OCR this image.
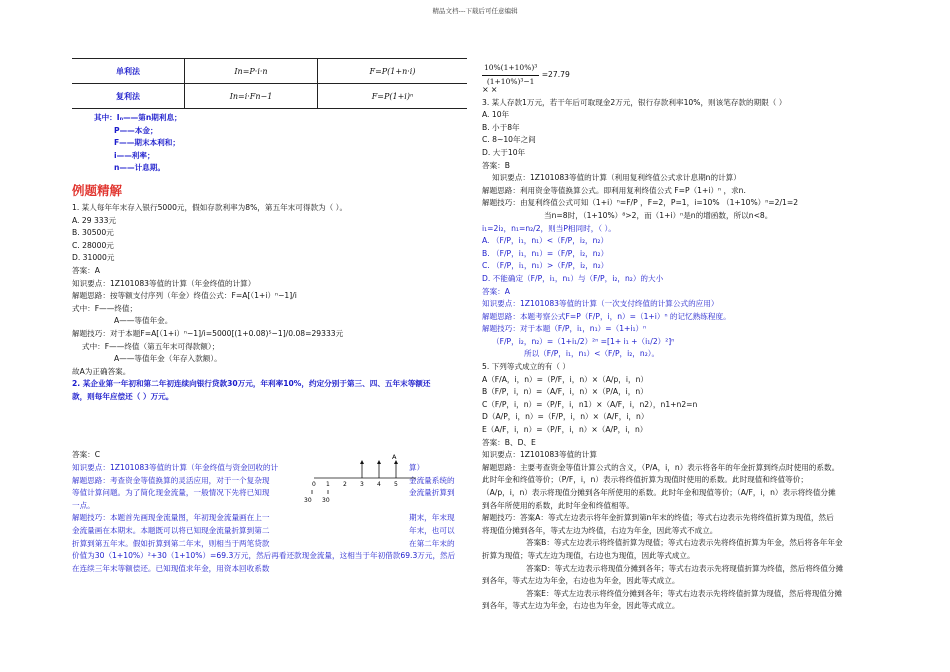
精品文档---下载后可任意编辑
单利法	In=P·i·n	F=P(1+n·i)
复利法	In=i·Fn−1	F=P(1+i)ⁿ
其中：Iₙ——第n期利息；
P——本金；
F——期末本利和；
i——利率；
n——计息期。
例题精解
1. 某人每年年末存入银行5000元，假如存款利率为8%，第五年末可得款为（ ）。
A. 29 333元
B. 30500元
C. 28000元
D. 31000元
答案：A
知识要点：1Z101083等值的计算（年金终值的计算）
解题思路：按等额支付序列（年金）终值公式：F=A[（1+i）ⁿ−1]/i
式中：F——终值；
A——等值年金。
解题技巧：对于本题F=A[（1+i）ⁿ−1]/i=5000[(1+0.08)⁵−1]/0.08=29333元
式中：F——终值（第五年末可得款额）；
A——等值年金（年存入款额）。
故A为正确答案。
2. 某企业第一年初和第二年初连续向银行贷款30万元，年利率10%，约定分别于第三、四、五年末等额还
款，则每年应偿还（ ）万元。
答案：C
知识要点：1Z101083等值的计算（年金终值与资金回收的计	算）
解题思路：考查资金等值换算的灵活应用，对于一个复杂现	金流量系统的
等值计算问题。为了简化现金流量，一般情况下先将已知现	金流量折算到
一点。
解题技巧：本题首先画现金流量图，年初现金流量画在上一	期末，年末现
金流量画在本期末。本题既可以将已知现金流量折算到第二	年末，也可以
折算到第五年末。假如折算到第二年末，则相当于两笔贷款	在第二年末的
价值为30（1+10%）²+30（1+10%）=69.3万元，然后再看还款现金流量，这相当于年初借款69.3万元，然后
在连续三年末等额偿还。已知现值求年金，用资本回收系数
A
0 1 2 3 4 5
30 30
$\frac{\text{10\%(1+10\%)³}}{\text{(1+10\%)³−1}} =27.79$
××
3. 某人存款1万元，若干年后可取现金2万元，银行存款利率10%，则该笔存款的期限（ ）
A. 10年
B. 小于8年
C. 8~10年之间
D. 大于10年
答案：B
知识要点：1Z101083等值的计算（利用复利终值公式求计息期n的计算）
解题思路：利用资金等值换算公式。即利用复利终值公式 F=P（1+i）ⁿ ，求n.
解题技巧：由复利终值公式可知（1+i）ⁿ=F/P ，F=2，P=1，i=10% （1+10%）ⁿ=2/1=2
当n=8时，（1+10%）⁸>2，而（1+i）ⁿ是n的增函数，所以n<8。
i₁=2i₂，n₁=n₂/2，则当P相同时，（ ）。
A. （F/P，i₁，n₁）<（F/P，i₂，n₂）
B. （F/P，i₁，n₁）=（F/P，i₂，n₂）
C. （F/P，i₁，n₁）>（F/P，i₂，n₂）
D. 不能确定（F/P，i₁，n₁）与（F/P，i₂，n₂）的大小
答案：A
知识要点：1Z101083等值的计算（一次支付终值的计算公式的应用）
解题思路：本题考察公式F=P（F/P，i，n）=（1+i）ⁿ 的记忆熟练程度。
解题技巧：对于本题（F/P，i₁，n₁）=（1+i₁）ⁿ
（F/P，i₂，n₂）=（1+i₁/2）²ⁿ =[1+ i₁ +（i₁/2）²]ⁿ
所以（F/P，i₁，n₁）<（F/P，i₂，n₂）。
5. 下列等式成立的有（ ）
A（F/A，i，n）=（P/F，i，n）×（A/p，i，n）
B（F/P，i，n）=（A/F，i，n）×（P/A，i，n）
C（F/P，i，n）=（P/F，i，n1）×（A/F，i，n2），n1+n2=n
D（A/P，i，n）=（F/P，i，n）×（A/F，i，n）
E（A/F，i，n）=（P/F，i，n）×（A/P，i，n）
答案：B、D、E
知识要点：1Z101083等值的计算
解题思路：主要考查资金等值计算公式的含义，（P/A，i，n）表示将各年的年金折算到终点时使用的系数。
此时年金和终值等价；（P/F，i，n）表示将终值折算为现值时使用的系数。此时现值和终值等价；
（A/p，i，n）表示将现值分摊到各年所使用的系数。此时年金和现值等价；（A/F，i，n）表示将终值分摊
到各年所使用的系数，此时年金和终值相等。
解题技巧：答案A：等式左边表示将年金折算到第n年末的终值；等式右边表示先将终值折算为现值，然后
将现值分摊到各年，等式左边为终值，右边为年金，因此等式不成立。
答案B：等式左边表示将终值折算为现值；等式右边表示先将终值折算为年金，然后将各年年金
折算为现值；等式左边为现值，右边也为现值，因此等式成立。
答案D：等式左边表示将现值分摊到各年；等式右边表示先将现值折算为终值，然后将终值分摊
到各年，等式左边为年金，右边也为年金，因此等式成立。
答案E：等式左边表示将终值分摊到各年；等式右边表示先将终值折算为现值，然后将现值分摊
到各年，等式左边为年金，右边也为年金，因此等式成立。
